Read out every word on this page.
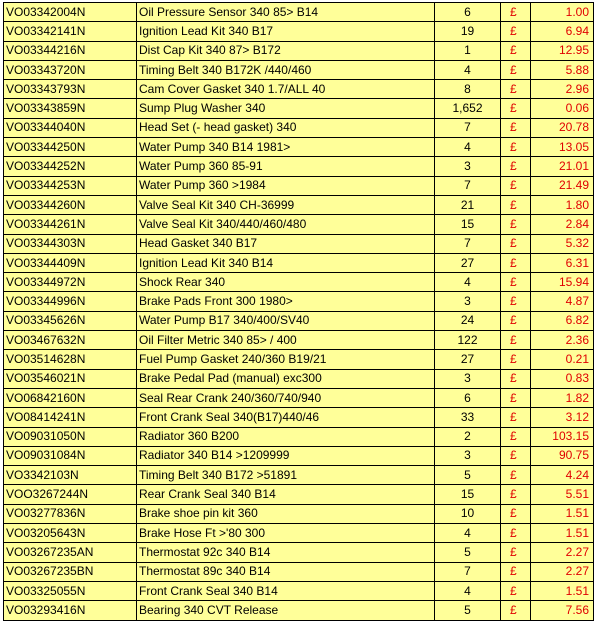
VO03342004N	Oil Pressure Sensor 340 85> B14	6	£	1.00
VO03342141N	Ignition Lead Kit 340 B17	19	£	6.94
VO03344216N	Dist Cap Kit 340 87> B172	1	£	12.95
VO03343720N	Timing Belt 340 B172K /440/460	4	£	5.88
VO03343793N	Cam Cover Gasket 340 1.7/ALL 40	8	£	2.96
VO03343859N	Sump Plug Washer 340	1,652	£	0.06
VO03344040N	Head Set (- head gasket) 340	7	£	20.78
VO03344250N	Water Pump 340 B14 1981>	4	£	13.05
VO03344252N	Water Pump 360 85-91	3	£	21.01
VO03344253N	Water Pump 360 >1984	7	£	21.49
VO03344260N	Valve Seal Kit 340 CH-36999	21	£	1.80
VO03344261N	Valve Seal Kit 340/440/460/480	15	£	2.84
VO03344303N	Head Gasket 340 B17	7	£	5.32
VO03344409N	Ignition Lead Kit 340 B14	27	£	6.31
VO03344972N	Shock Rear 340	4	£	15.94
VO03344996N	Brake Pads Front 300 1980>	3	£	4.87
VO03345626N	Water Pump B17 340/400/SV40	24	£	6.82
VO03467632N	Oil Filter Metric 340 85> / 400	122	£	2.36
VO03514628N	Fuel Pump Gasket 240/360 B19/21	27	£	0.21
VO03546021N	Brake Pedal Pad (manual) exc300	3	£	0.83
VO06842160N	Seal Rear Crank 240/360/740/940	6	£	1.82
VO08414241N	Front Crank Seal 340(B17)440/46	33	£	3.12
VO09031050N	Radiator 360 B200	2	£	103.15
VO09031084N	Radiator 340 B14 >1209999	3	£	90.75
VO3342103N	Timing Belt 340 B172 >51891	5	£	4.24
VOO3267244N	Rear Crank Seal 340 B14	15	£	5.51
VO03277836N	Brake shoe pin kit 360	10	£	1.51
VO03205643N	Brake Hose Ft >'80 300	4	£	1.51
VO03267235AN	Thermostat 92c 340 B14	5	£	2.27
VO03267235BN	Thermostat 89c 340 B14	7	£	2.27
VO03325055N	Front Crank Seal 340 B14	4	£	1.51
VO03293416N	Bearing 340 CVT Release	5	£	7.56
